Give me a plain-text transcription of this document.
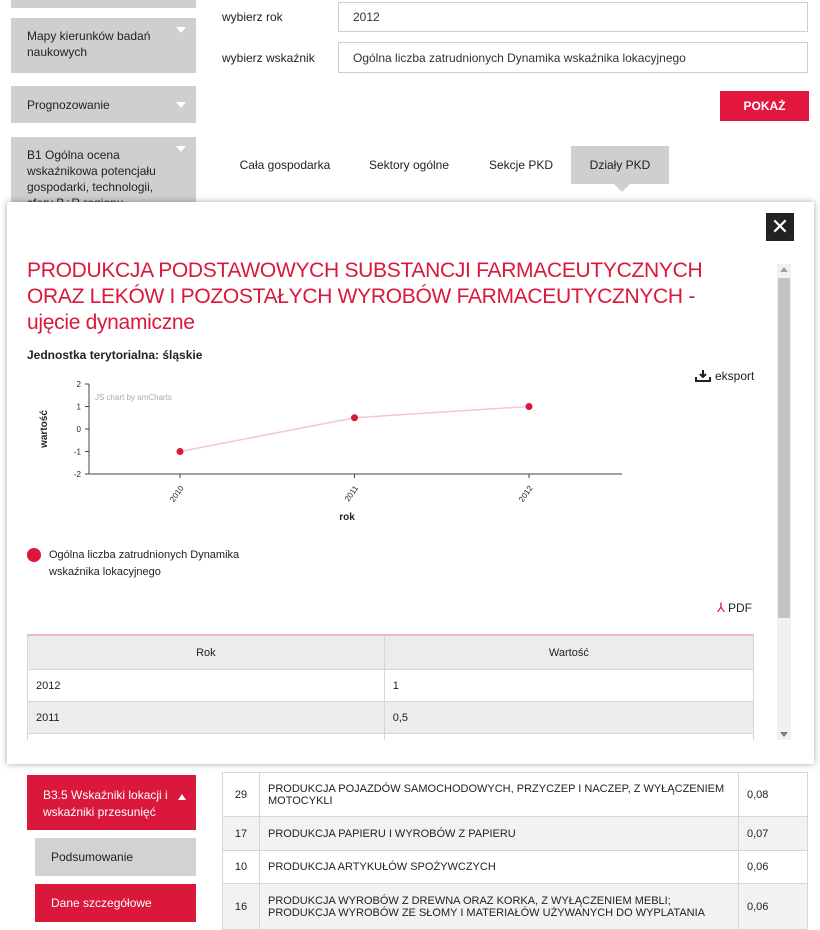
Mapy kierunków badań naukowych
Prognozowanie
B1 Ogólna ocena wskaźnikowa potencjału gospodarki, technologii,
B3.5 Wskaźniki lokacji i wskaźniki przesunięć
Podsumowanie
Dane szczegółowe
wybierz rok	2012
wybierz wskaźnik	Ogólna liczba zatrudnionych Dynamika wskaźnika lokacyjnego
POKAŻ
Cała gospodarka	Sektory ogólne	Sekcje PKD	Działy PKD
29	PRODUKCJA POJAZDÓW SAMOCHODOWYCH, PRZYCZEP I NACZEP, Z WYŁĄCZENIEM MOTOCYKLI	0,08
17	PRODUKCJA PAPIERU I WYROBÓW Z PAPIERU	0,07
10	PRODUKCJA ARTYKUŁÓW SPOŻYWCZYCH	0,06
16	PRODUKCJA WYROBÓW Z DREWNA ORAZ KORKA, Z WYŁĄCZENIEM MEBLI; PRODUKCJA WYROBÓW ZE SŁOMY I MATERIAŁÓW UŻYWANYCH DO WYPLATANIA	0,06
✕
PRODUKCJA PODSTAWOWYCH SUBSTANCJI FARMACEUTYCZNYCH ORAZ LEKÓW I POZOSTAŁYCH WYROBÓW FARMACEUTYCZNYCH - ujęcie dynamiczne
Jednostka terytorialna: śląskie
eksport
2
1
0
-1
-2
JS chart by amCharts
2010	2011	2012
rok
wartość
Ogólna liczba zatrudnionych Dynamika wskaźnika lokacyjnego
⅄ PDF
Rok	Wartość
2012	1
2011	0,5
